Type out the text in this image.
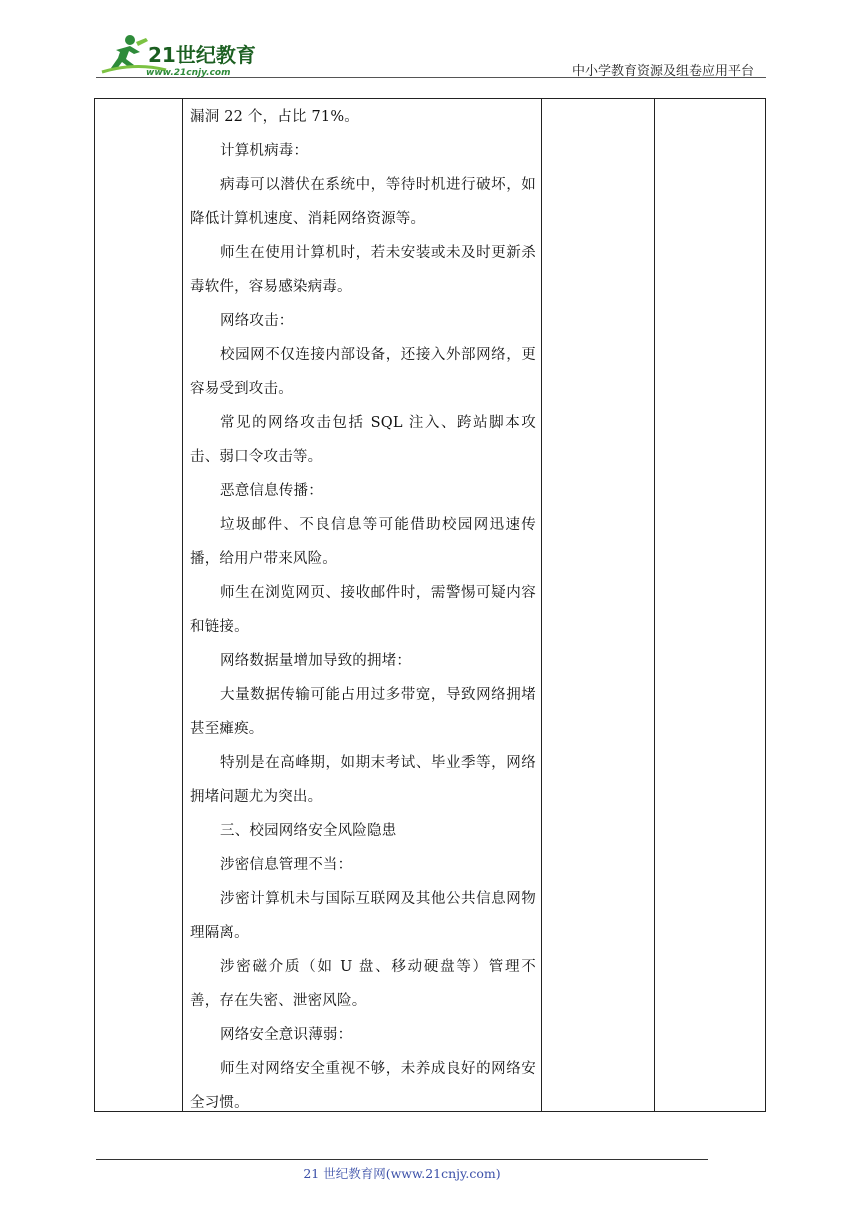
21世纪教育
www.21cnjy.com	中小学教育资源及组卷应用平台

漏洞 22 个，占比 71%。

计算机病毒：

病毒可以潜伏在系统中，等待时机进行破坏，如降低计算机速度、消耗网络资源等。

师生在使用计算机时，若未安装或未及时更新杀毒软件，容易感染病毒。

网络攻击：

校园网不仅连接内部设备，还接入外部网络，更容易受到攻击。

常见的网络攻击包括 SQL 注入、跨站脚本攻击、弱口令攻击等。

恶意信息传播：

垃圾邮件、不良信息等可能借助校园网迅速传播，给用户带来风险。

师生在浏览网页、接收邮件时，需警惕可疑内容和链接。

网络数据量增加导致的拥堵：

大量数据传输可能占用过多带宽，导致网络拥堵甚至瘫痪。

特别是在高峰期，如期末考试、毕业季等，网络拥堵问题尤为突出。

三、校园网络安全风险隐患

涉密信息管理不当：

涉密计算机未与国际互联网及其他公共信息网物理隔离。

涉密磁介质（如 U 盘、移动硬盘等）管理不善，存在失密、泄密风险。

网络安全意识薄弱：

师生对网络安全重视不够，未养成良好的网络安全习惯。

21 世纪教育网(www.21cnjy.com)
